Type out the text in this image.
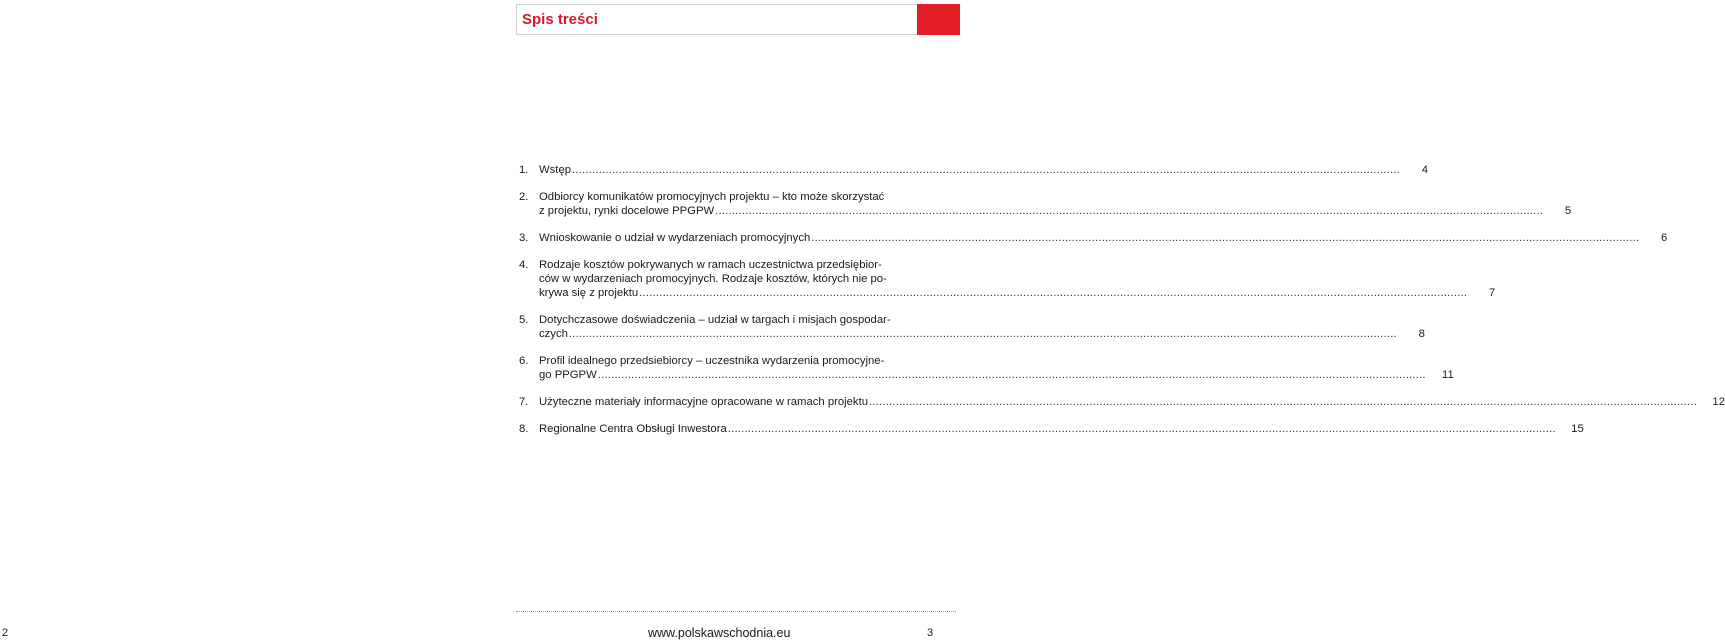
Spis treści
1. Wstęp .....	4
2. Odbiorcy komunikatów promocyjnych projektu – kto może skorzystać
z projektu, rynki docelowe PPGPW .....	5
3. Wnioskowanie o udział w wydarzeniach promocyjnych .....	6
4. Rodzaje kosztów pokrywanych w ramach uczestnictwa przedsiębior-
ców w wydarzeniach promocyjnych. Rodzaje kosztów, których nie po-
krywa się z projektu .....	7
5. Dotychczasowe doświadczenia – udział w targach i misjach gospodar-
czych .....	8
6. Profil idealnego przedsiebiorcy – uczestnika wydarzenia promocyjne-
go PPGPW .....	11
7. Użyteczne materiały informacyjne opracowane w ramach projektu .....	12
8. Regionalne Centra Obsługi Inwestora .....	15
www.polskawschodnia.eu
2	3
